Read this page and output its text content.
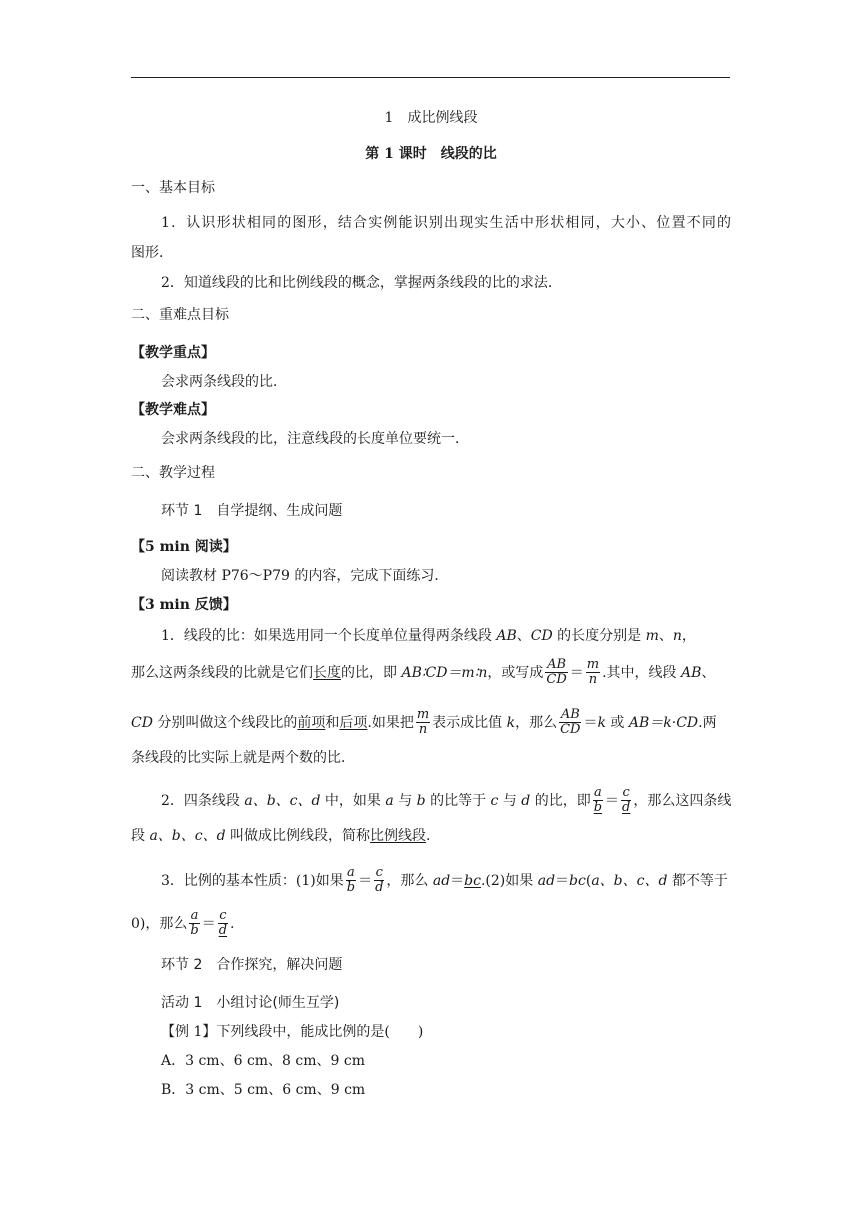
1　成比例线段
第 1 课时　线段的比
一、基本目标
1．认识形状相同的图形，结合实例能识别出现实生活中形状相同，大小、位置不同的
图形．
2．知道线段的比和比例线段的概念，掌握两条线段的比的求法．
二、重难点目标
【教学重点】
会求两条线段的比．
【教学难点】
会求两条线段的比，注意线段的长度单位要统一．
二、教学过程
环节 1　自学提纲、生成问题
【5 min 阅读】
阅读教材 P76～P79 的内容，完成下面练习．
【3 min 反馈】
1．线段的比：如果选用同一个长度单位量得两条线段 AB、CD 的长度分别是 m、n，
那么这两条线段的比就是它们长度的比，即 AB∶CD＝m∶n，或写成 $\frac{AB}{CD} = \frac{m}{n}$ .其中，线段 AB、
CD 分别叫做这个线段比的前项和后项.如果把 $\frac{m}{n}$ 表示成比值 k，那么 $\frac{AB}{CD} =k$ 或 AB＝k·CD.两
条线段的比实际上就是两个数的比．
2．四条线段 a、b、c、d 中，如果 a 与 b 的比等于 c 与 d 的比，即 $\frac{a}{b} = \frac{c}{d}$ ，那么这四条线
段 a、b、c、d 叫做成比例线段，简称比例线段.
3．比例的基本性质：(1)如果 $\frac{a}{b} = \frac{c}{d}$ ，那么 ad＝bc.(2)如果 ad＝bc(a、b、c、d 都不等于
0)，那么 $\frac{a}{b} = \frac{c}{d}$ .
环节 2　合作探究，解决问题
活动 1　小组讨论(师生互学)
【例 1】下列线段中，能成比例的是(　　)
A．3 cm、6 cm、8 cm、9 cm
B．3 cm、5 cm、6 cm、9 cm
